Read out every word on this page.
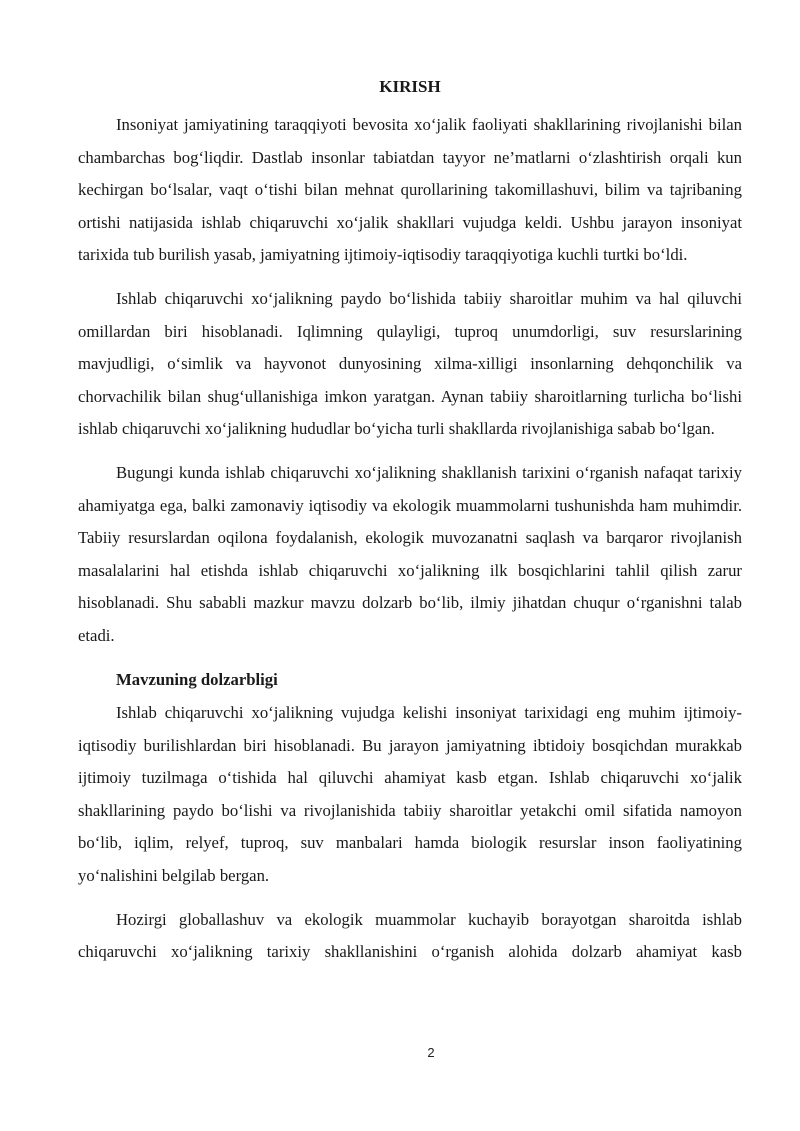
KIRISH

Insoniyat jamiyatining taraqqiyoti bevosita xo‘jalik faoliyati shakllarining rivojlanishi bilan chambarchas bog‘liqdir. Dastlab insonlar tabiatdan tayyor ne’matlarni o‘zlashtirish orqali kun kechirgan bo‘lsalar, vaqt o‘tishi bilan mehnat qurollarining takomillashuvi, bilim va tajribaning ortishi natijasida ishlab chiqaruvchi xo‘jalik shakllari vujudga keldi. Ushbu jarayon insoniyat tarixida tub burilish yasab, jamiyatning ijtimoiy-iqtisodiy taraqqiyotiga kuchli turtki bo‘ldi.

Ishlab chiqaruvchi xo‘jalikning paydo bo‘lishida tabiiy sharoitlar muhim va hal qiluvchi omillardan biri hisoblanadi. Iqlimning qulayligi, tuproq unumdorligi, suv resurslarining mavjudligi, o‘simlik va hayvonot dunyosining xilma-xilligi insonlarning dehqonchilik va chorvachilik bilan shug‘ullanishiga imkon yaratgan. Aynan tabiiy sharoitlarning turlicha bo‘lishi ishlab chiqaruvchi xo‘jalikning hududlar bo‘yicha turli shakllarda rivojlanishiga sabab bo‘lgan.

Bugungi kunda ishlab chiqaruvchi xo‘jalikning shakllanish tarixini o‘rganish nafaqat tarixiy ahamiyatga ega, balki zamonaviy iqtisodiy va ekologik muammolarni tushunishda ham muhimdir. Tabiiy resurslardan oqilona foydalanish, ekologik muvozanatni saqlash va barqaror rivojlanish masalalarini hal etishda ishlab chiqaruvchi xo‘jalikning ilk bosqichlarini tahlil qilish zarur hisoblanadi. Shu sababli mazkur mavzu dolzarb bo‘lib, ilmiy jihatdan chuqur o‘rganishni talab etadi.

Mavzuning dolzarbligi

Ishlab chiqaruvchi xo‘jalikning vujudga kelishi insoniyat tarixidagi eng muhim ijtimoiy-iqtisodiy burilishlardan biri hisoblanadi. Bu jarayon jamiyatning ibtidoiy bosqichdan murakkab ijtimoiy tuzilmaga o‘tishida hal qiluvchi ahamiyat kasb etgan. Ishlab chiqaruvchi xo‘jalik shakllarining paydo bo‘lishi va rivojlanishida tabiiy sharoitlar yetakchi omil sifatida namoyon bo‘lib, iqlim, relyef, tuproq, suv manbalari hamda biologik resurslar inson faoliyatining yo‘nalishini belgilab bergan.

Hozirgi globallashuv va ekologik muammolar kuchayib borayotgan sharoitda ishlab chiqaruvchi xo‘jalikning tarixiy shakllanishini o‘rganish alohida dolzarb ahamiyat kasb

2
